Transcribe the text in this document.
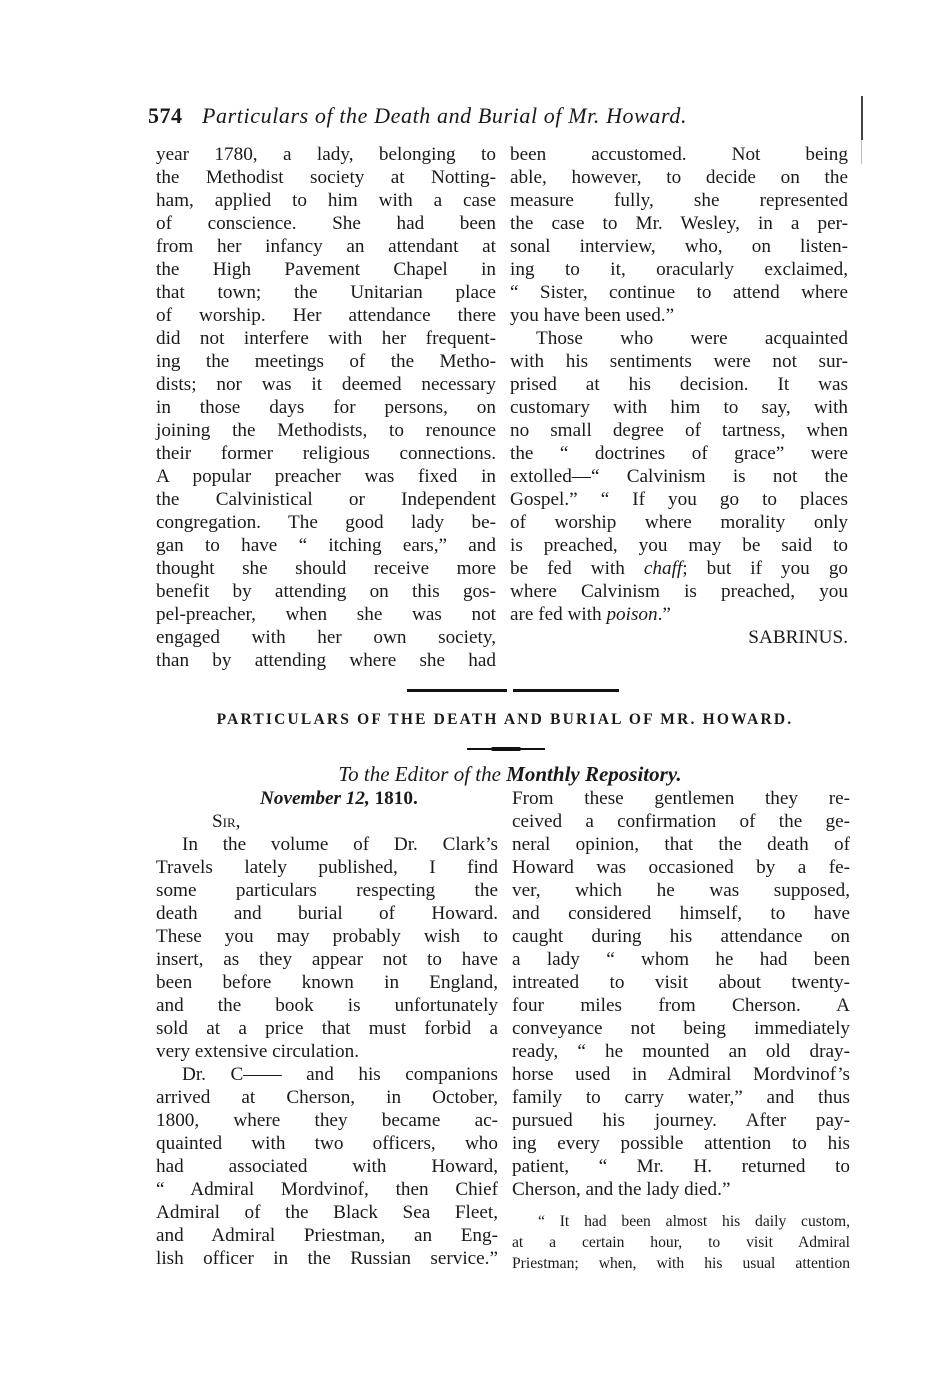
574 Particulars of the Death and Burial of Mr. Howard.
year 1780, a lady, belonging to
the Methodist society at Notting-
ham, applied to him with a case
of conscience. She had been
from her infancy an attendant at
the High Pavement Chapel in
that town; the Unitarian place
of worship. Her attendance there
did not interfere with her frequent-
ing the meetings of the Metho-
dists; nor was it deemed necessary
in those days for persons, on
joining the Methodists, to renounce
their former religious connections.
A popular preacher was fixed in
the Calvinistical or Independent
congregation. The good lady be-
gan to have “ itching ears,” and
thought she should receive more
benefit by attending on this gos-
pel-preacher, when she was not
engaged with her own society,
than by attending where she had
been accustomed. Not being
able, however, to decide on the
measure fully, she represented
the case to Mr. Wesley, in a per-
sonal interview, who, on listen-
ing to it, oracularly exclaimed,
“ Sister, continue to attend where
you have been used.”
Those who were acquainted
with his sentiments were not sur-
prised at his decision. It was
customary with him to say, with
no small degree of tartness, when
the “ doctrines of grace” were
extolled—“ Calvinism is not the
Gospel.” “ If you go to places
of worship where morality only
is preached, you may be said to
be fed with chaff; but if you go
where Calvinism is preached, you
are fed with poison.”
SABRINUS.
PARTICULARS OF THE DEATH AND BURIAL OF MR. HOWARD.
To the Editor of the Monthly Repository.
November 12, 1810.
Sir,
In the volume of Dr. Clark’s
Travels lately published, I find
some particulars respecting the
death and burial of Howard.
These you may probably wish to
insert, as they appear not to have
been before known in England,
and the book is unfortunately
sold at a price that must forbid a
very extensive circulation.
Dr. C—— and his companions
arrived at Cherson, in October,
1800, where they became ac-
quainted with two officers, who
had associated with Howard,
“ Admiral Mordvinof, then Chief
Admiral of the Black Sea Fleet,
and Admiral Priestman, an Eng-
lish officer in the Russian service.”
From these gentlemen they re-
ceived a confirmation of the ge-
neral opinion, that the death of
Howard was occasioned by a fe-
ver, which he was supposed,
and considered himself, to have
caught during his attendance on
a lady “ whom he had been
intreated to visit about twenty-
four miles from Cherson. A
conveyance not being immediately
ready, “ he mounted an old dray-
horse used in Admiral Mordvinof’s
family to carry water,” and thus
pursued his journey. After pay-
ing every possible attention to his
patient, “ Mr. H. returned to
Cherson, and the lady died.”
“ It had been almost his daily custom,
at a certain hour, to visit Admiral
Priestman; when, with his usual attention
